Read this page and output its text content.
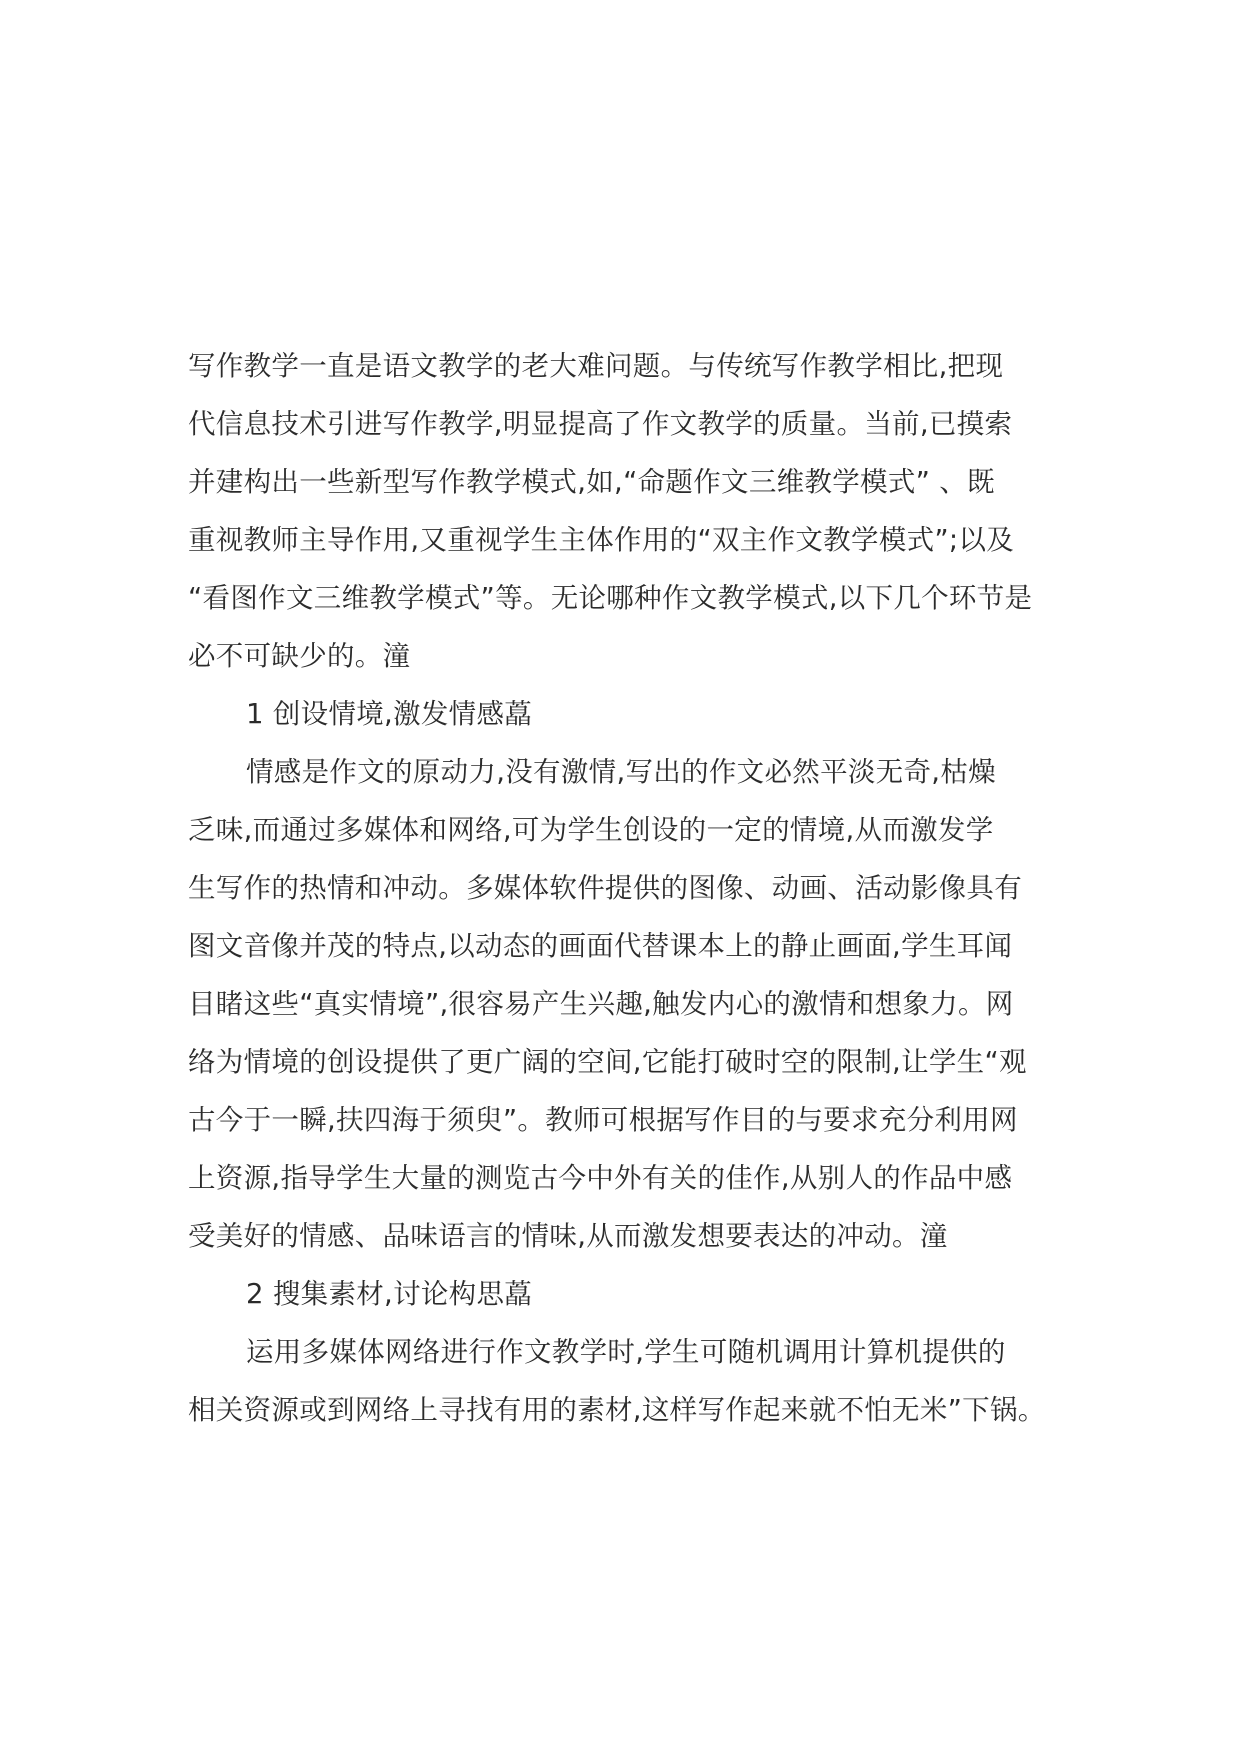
写作教学一直是语文教学的老大难问题。与传统写作教学相比,把现
代信息技术引进写作教学,明显提高了作文教学的质量。当前,已摸索
并建构出一些新型写作教学模式,如,“命题作文三维教学模式” 、既
重视教师主导作用,又重视学生主体作用的“双主作文教学模式”;以及
“看图作文三维教学模式”等。无论哪种作文教学模式,以下几个环节是
必不可缺少的。潼
1 创设情境,激发情感藠
情感是作文的原动力,没有激情,写出的作文必然平淡无奇,枯燥
乏味,而通过多媒体和网络,可为学生创设的一定的情境,从而激发学
生写作的热情和冲动。多媒体软件提供的图像、动画、活动影像具有
图文音像并茂的特点,以动态的画面代替课本上的静止画面,学生耳闻
目睹这些“真实情境”,很容易产生兴趣,触发内心的激情和想象力。网
络为情境的创设提供了更广阔的空间,它能打破时空的限制,让学生“观
古今于一瞬,扶四海于须臾”。教师可根据写作目的与要求充分利用网
上资源,指导学生大量的测览古今中外有关的佳作,从别人的作品中感
受美好的情感、品味语言的情味,从而激发想要表达的冲动。潼
2 搜集素材,讨论构思藠
运用多媒体网络进行作文教学时,学生可随机调用计算机提供的
相关资源或到网络上寻找有用的素材,这样写作起来就不怕无米”下锅。
